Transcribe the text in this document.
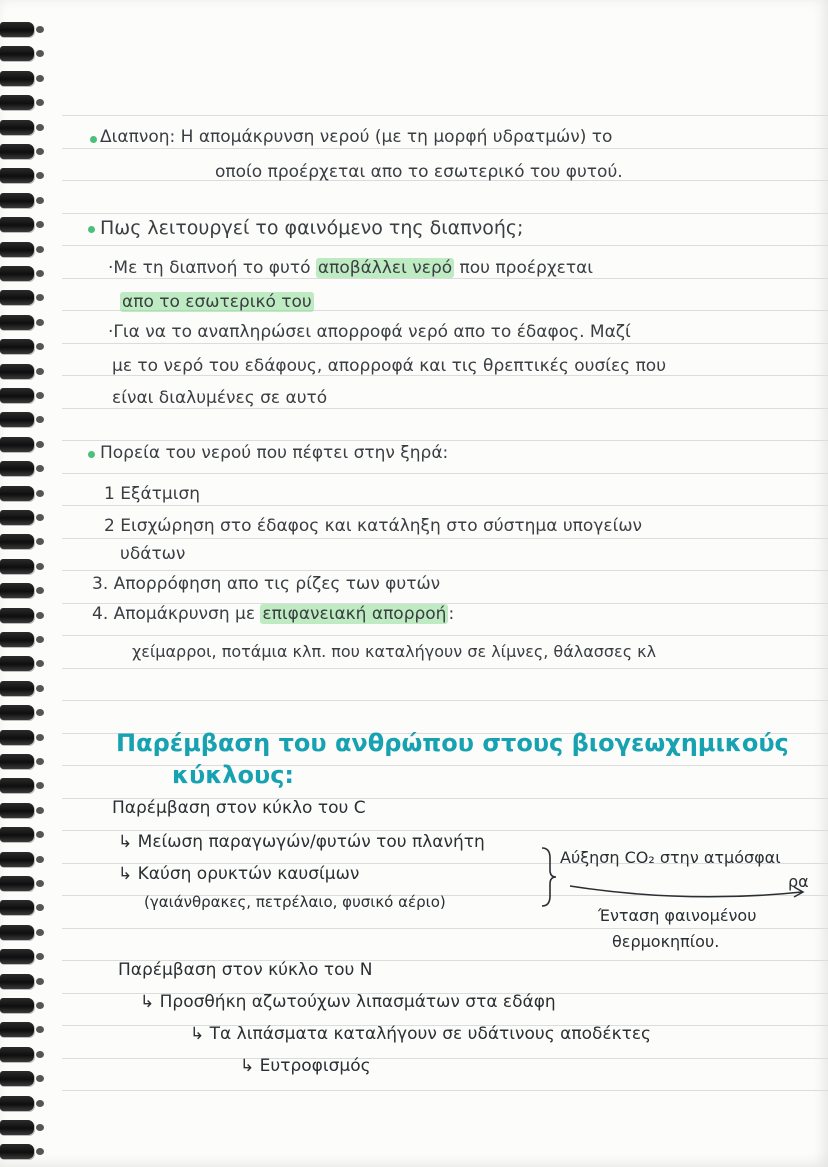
Διαπνοη: Η απομάκρυνση νερού (με τη μορφή υδρατμών) το
οποίο προέρχεται απο το εσωτερικό του φυτού.
Πως λειτουργεί το φαινόμενο της διαπνοής;
·Με τη διαπνοή το φυτό αποβάλλει νερό που προέρχεται
απο το εσωτερικό του
·Για να το αναπληρώσει απορροφά νερό απο το έδαφος. Μαζί
με το νερό του εδάφους, απορροφά και τις θρεπτικές ουσίες που
είναι διαλυμένες σε αυτό
Πορεία του νερού που πέφτει στην ξηρά:
1 Εξάτμιση
2 Εισχώρηση στο έδαφος και κατάληξη στο σύστημα υπογείων
υδάτων
3. Απορρόφηση απο τις ρίζες των φυτών
4. Απομάκρυνση με επιφανειακή απορροή :
χείμαρροι, ποτάμια κλπ. που καταλήγουν σε λίμνες, θάλασσες κλ
Παρέμβαση του ανθρώπου στους βιογεωχημικούς
κύκλους:
Παρέμβαση στον κύκλο του C
↳ Μείωση παραγωγών/φυτών του πλανήτη
↳ Καύση ορυκτών καυσίμων
(γαιάνθρακες, πετρέλαιο, φυσικό αέριο)
Αύξηση CO₂ στην ατμόσφαι
ρα
Ένταση φαινομένου
θερμοκηπίου.
Παρέμβαση στον κύκλο του Ν
↳ Προσθήκη αζωτούχων λιπασμάτων στα εδάφη
↳ Τα λιπάσματα καταλήγουν σε υδάτινους αποδέκτες
↳ Ευτροφισμός
